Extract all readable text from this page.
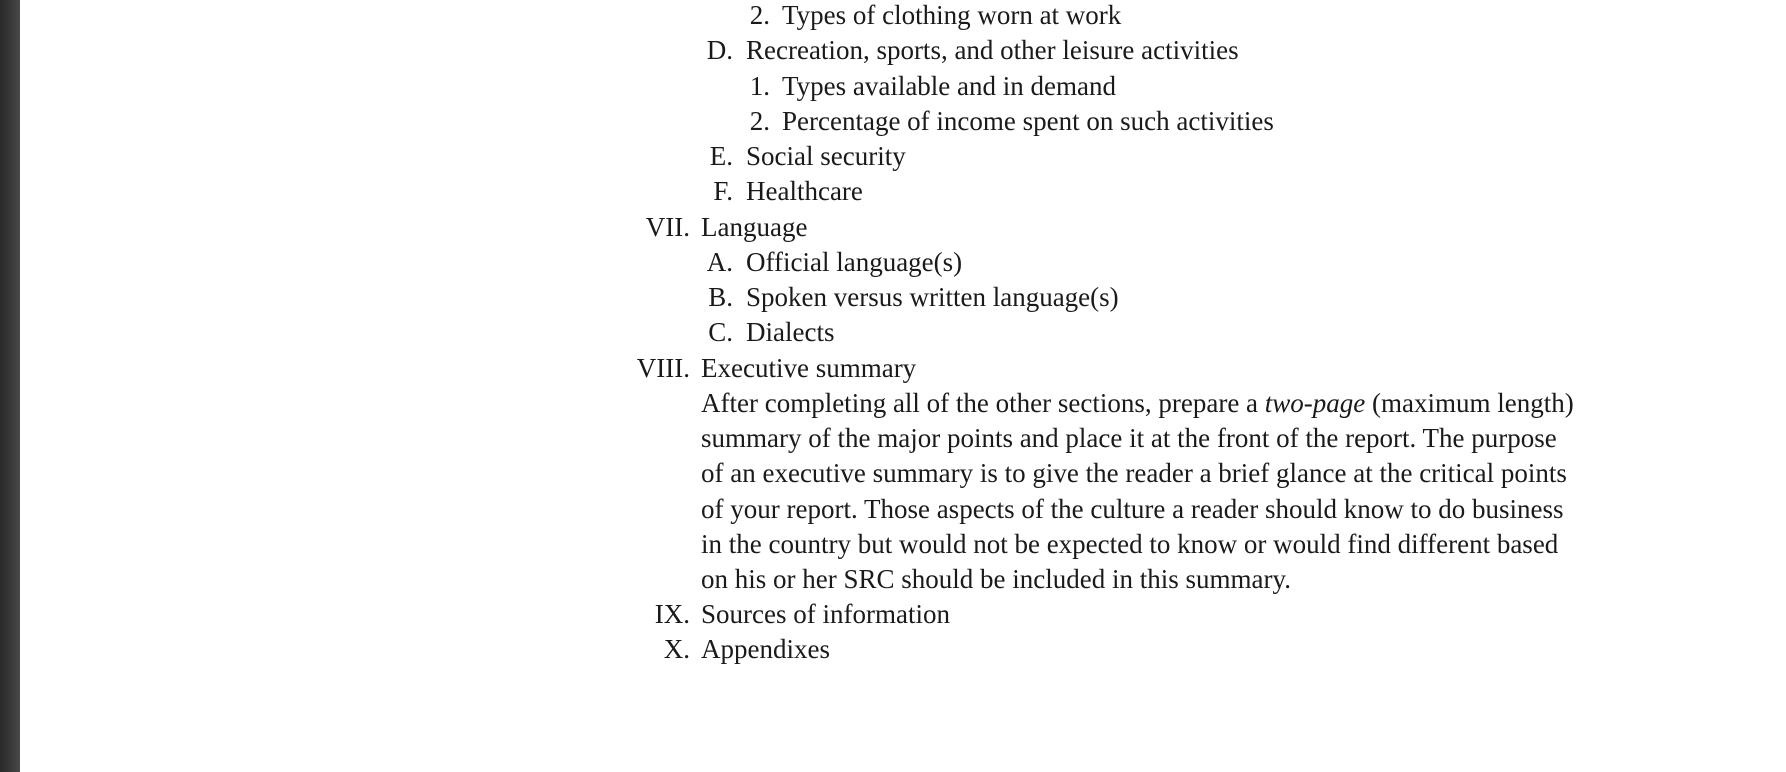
2. Types of clothing worn at work
D. Recreation, sports, and other leisure activities
1. Types available and in demand
2. Percentage of income spent on such activities
E. Social security
F. Healthcare
VII. Language
A. Official language(s)
B. Spoken versus written language(s)
C. Dialects
VIII. Executive summary
After completing all of the other sections, prepare a two-page (maximum length)
summary of the major points and place it at the front of the report. The purpose
of an executive summary is to give the reader a brief glance at the critical points
of your report. Those aspects of the culture a reader should know to do business
in the country but would not be expected to know or would find different based
on his or her SRC should be included in this summary.
IX. Sources of information
X. Appendixes
